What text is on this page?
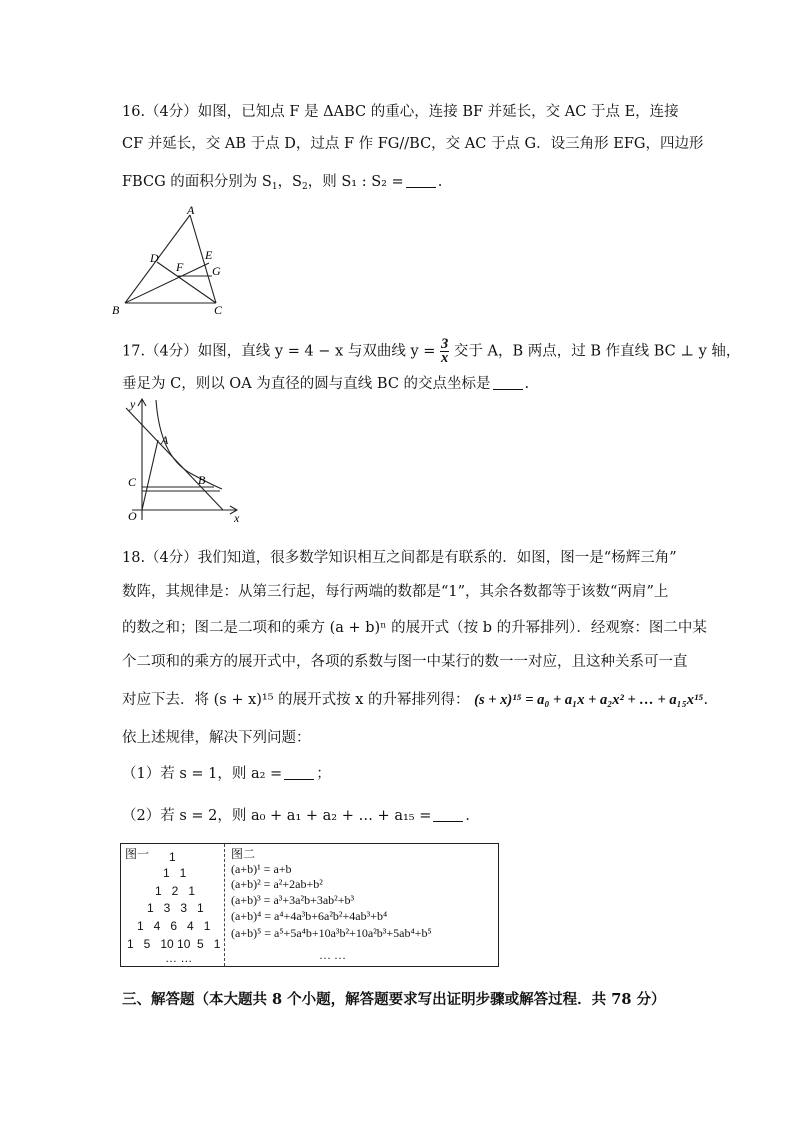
16.（4分）如图，已知点 F 是 ΔABC 的重心，连接 BF 并延长，交 AC 于点 E，连接
CF 并延长，交 AB 于点 D，过点 F 作 FG//BC，交 AC 于点 G．设三角形 EFG，四边形
FBCG 的面积分别为 $S_1$，$S_2$，则 S₁ : S₂ = .
A
B	C
D	E
F G
17.（4分）如图，直线 y = 4 − x 与双曲线 $y = \frac{3}{x}$ 交于 A，B 两点，过 B 作直线 BC ⊥ y 轴，
垂足为 C，则以 OA 为直径的圆与直线 BC 的交点坐标是 .
y
x
O
A
B
C
18.（4分）我们知道，很多数学知识相互之间都是有联系的．如图，图一是“杨辉三角”
数阵，其规律是：从第三行起，每行两端的数都是“1”，其余各数都等于该数“两肩”上
的数之和；图二是二项和的乘方 (a + b)ⁿ 的展开式（按 b 的升幂排列）．经观察：图二中某
个二项和的乘方的展开式中，各项的系数与图一中某行的数一一对应，且这种关系可一直
对应下去．将 (s + x)¹⁵ 的展开式按 x 的升幂排列得： (s + x)¹⁵ = a₀ + a₁x + a₂x² + … + a₁₅x¹⁵.
依上述规律，解决下列问题：
（1）若 s = 1，则 a₂ = ；
（2）若 s = 2，则 a₀ + a₁ + a₂ + … + a₁₅ = ．
图一 1
1   1
1   2   1
1   3   3   1
1   4   6   4   1
1   5   10 10  5   1
… …
图二
(a+b)¹ = a+b
(a+b)² = a²+2ab+b²
(a+b)³ = a³+3a²b+3ab²+b³
(a+b)⁴ = a⁴+4a³b+6a²b²+4ab³+b⁴
(a+b)⁵ = a⁵+5a⁴b+10a³b²+10a²b³+5ab⁴+b⁵
… …
三、解答题（本大题共 8 个小题，解答题要求写出证明步骤或解答过程．共 78 分）
